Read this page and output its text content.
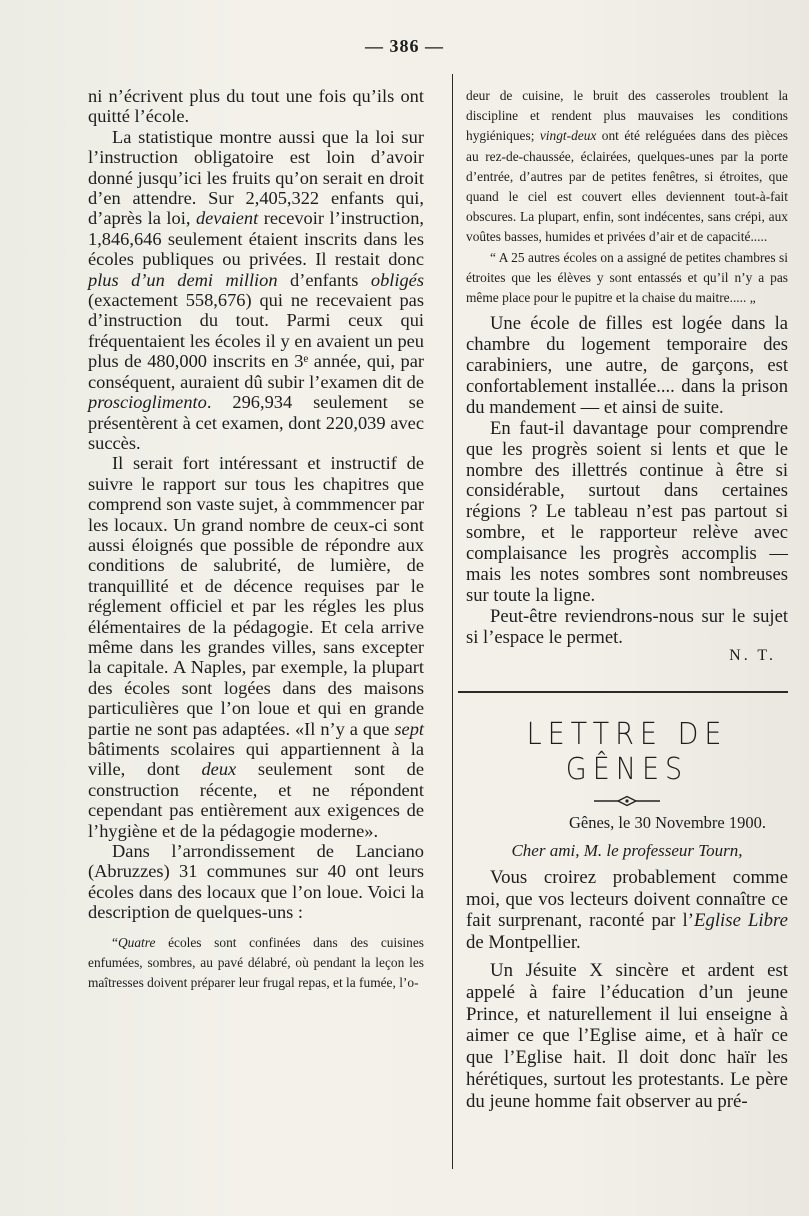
— 386 —

ni n’écrivent plus du tout une fois qu’ils ont quitté l’école.

La statistique montre aussi que la loi sur l’instruction obligatoire est loin d’avoir donné jusqu’ici les fruits qu’on serait en droit d’en attendre. Sur 2,405,322 enfants qui, d’après la loi, devaient recevoir l’instruction, 1,846,646 seulement étaient inscrits dans les écoles publiques ou privées. Il restait donc plus d’un demi million d’enfants obligés (exactement 558,676) qui ne recevaient pas d’instruction du tout. Parmi ceux qui fréquentaient les écoles il y en avaient un peu plus de 480,000 inscrits en 3ᵉ année, qui, par conséquent, auraient dû subir l’examen dit de proscioglimento. 296,934 seulement se présentèrent à cet examen, dont 220,039 avec succès.

Il serait fort intéressant et instructif de suivre le rapport sur tous les chapitres que comprend son vaste sujet, à commmencer par les locaux. Un grand nombre de ceux-ci sont aussi éloignés que possible de répondre aux conditions de salubrité, de lumière, de tranquillité et de décence requises par le réglement officiel et par les régles les plus élémentaires de la pédagogie. Et cela arrive même dans les grandes villes, sans excepter la capitale. A Naples, par exemple, la plupart des écoles sont logées dans des maisons particulières que l’on loue et qui en grande partie ne sont pas adaptées. «Il n’y a que sept bâtiments scolaires qui appartiennent à la ville, dont deux seulement sont de construction récente, et ne répondent cependant pas entièrement aux exigences de l’hygiène et de la pédagogie moderne».

Dans l’arrondissement de Lanciano (Abruzzes) 31 communes sur 40 ont leurs écoles dans des locaux que l’on loue. Voici la description de quelques-uns :

“Quatre écoles sont confinées dans des cuisines enfumées, sombres, au pavé délabré, où pendant la leçon les maîtresses doivent préparer leur frugal repas, et la fumée, l’o-

deur de cuisine, le bruit des casseroles troublent la discipline et rendent plus mauvaises les conditions hygiéniques; vingt-deux ont été reléguées dans des pièces au rez-de-chaussée, éclairées, quelques-unes par la porte d’entrée, d’autres par de petites fenêtres, si étroites, que quand le ciel est couvert elles deviennent tout-à-fait obscures. La plupart, enfin, sont indécentes, sans crépi, aux voûtes basses, humides et privées d’air et de capacité.....

“ A 25 autres écoles on a assigné de petites chambres si étroites que les élèves y sont entassés et qu’il n’y a pas même place pour le pupitre et la chaise du maitre..... „

Une école de filles est logée dans la chambre du logement temporaire des carabiniers, une autre, de garçons, est confortablement installée.... dans la prison du mandement — et ainsi de suite.

En faut-il davantage pour comprendre que les progrès soient si lents et que le nombre des illettrés continue à être si considérable, surtout dans certaines régions ? Le tableau n’est pas partout si sombre, et le rapporteur relève avec complaisance les progrès accomplis — mais les notes sombres sont nombreuses sur toute la ligne.

Peut-être reviendrons-nous sur le sujet si l’espace le permet.

N. T.

LETTRE DE GÊNES

Gênes, le 30 Novembre 1900.

Cher ami, M. le professeur Tourn,

Vous croirez probablement comme moi, que vos lecteurs doivent connaître ce fait surprenant, raconté par l’Eglise Libre de Montpellier.

Un Jésuite X sincère et ardent est appelé à faire l’éducation d’un jeune Prince, et naturellement il lui enseigne à aimer ce que l’Eglise aime, et à haïr ce que l’Eglise hait. Il doit donc haïr les hérétiques, surtout les protestants. Le père du jeune homme fait observer au pré-
